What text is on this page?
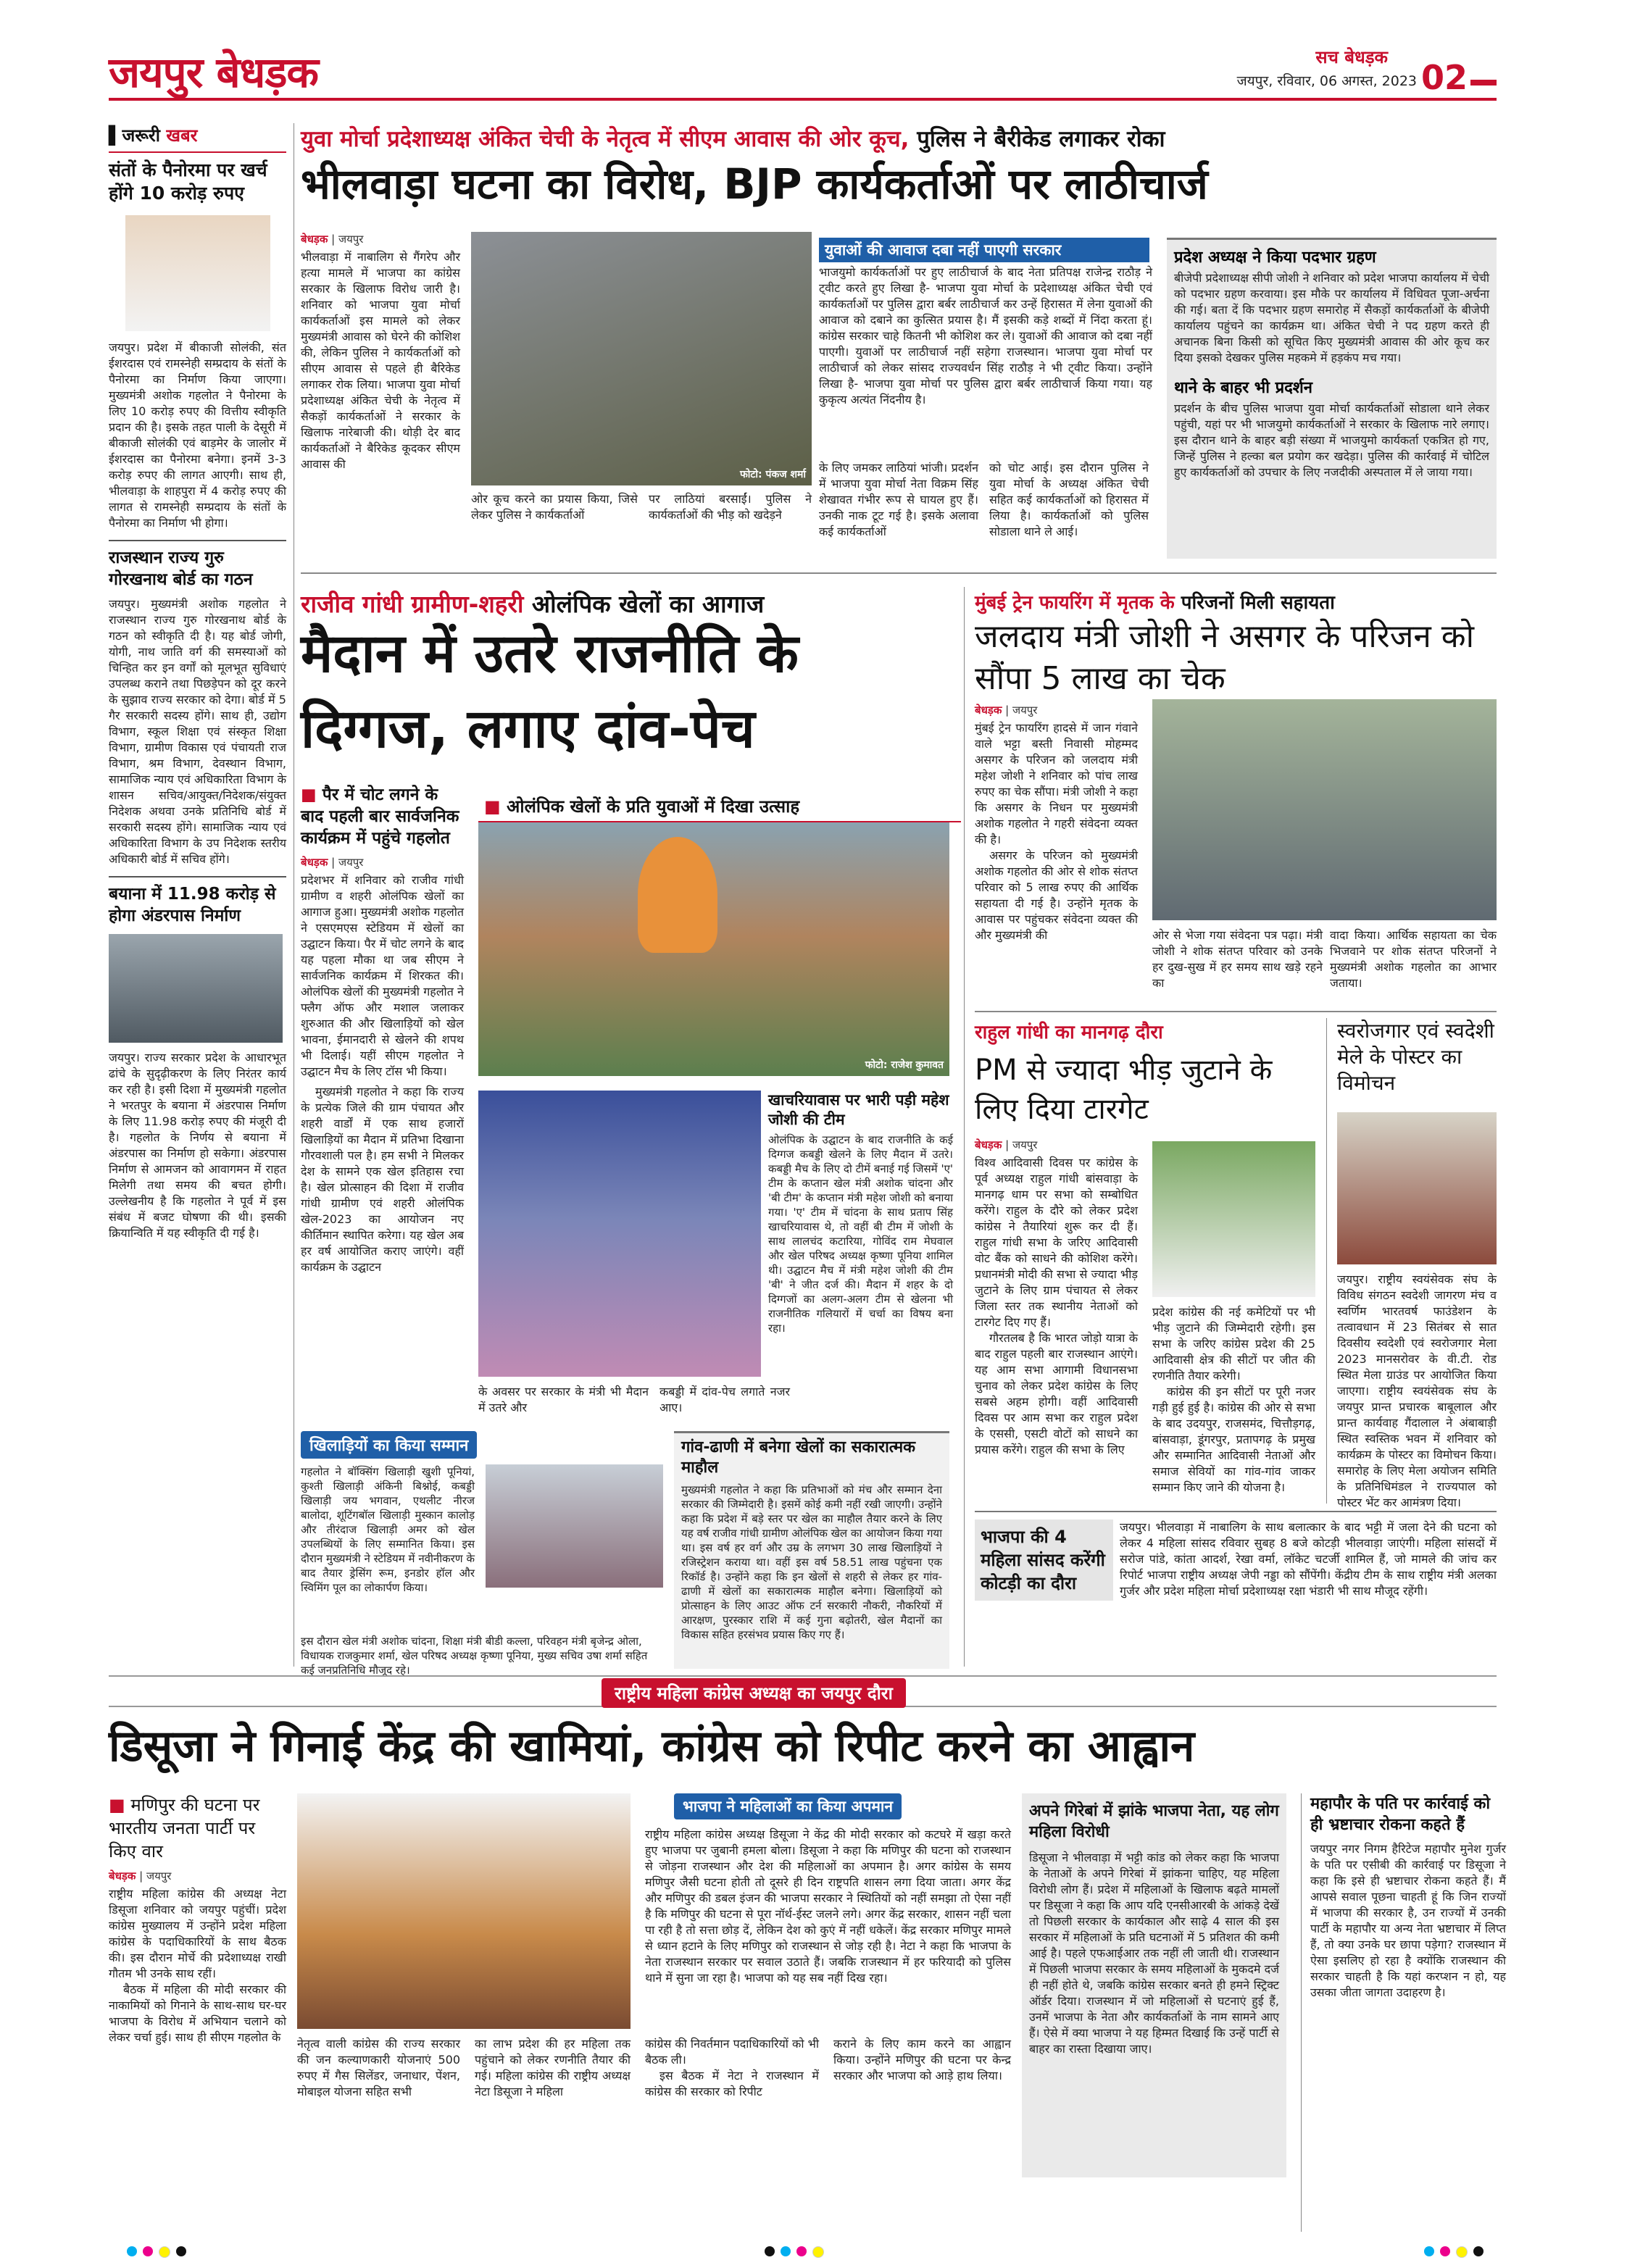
जयपुर बेधड़क	सच बेधड़क
जयपुर, रविवार, 06 अगस्त, 2023 02
▌जरूरी खबर
संतों के पैनोरमा पर खर्च होंगे 10 करोड़ रुपए
जयपुर। प्रदेश में बीकाजी सोलंकी, संत ईशरदास एवं रामस्नेही सम्प्रदाय के संतों के पैनोरमा का निर्माण किया जाएगा। मुख्यमंत्री अशोक गहलोत ने पैनोरमा के लिए 10 करोड़ रुपए की वित्तीय स्वीकृति प्रदान की है। इसके तहत पाली के देसूरी में बीकाजी सोलंकी एवं बाड़मेर के जालोर में ईशरदास का पैनोरमा बनेगा। इनमें 3-3 करोड़ रुपए की लागत आएगी। साथ ही, भीलवाड़ा के शाहपुरा में 4 करोड़ रुपए की लागत से रामस्नेही सम्प्रदाय के संतों के पैनोरमा का निर्माण भी होगा।
राजस्थान राज्य गुरु गोरखनाथ बोर्ड का गठन
जयपुर। मुख्यमंत्री अशोक गहलोत ने राजस्थान राज्य गुरु गोरखनाथ बोर्ड के गठन को स्वीकृति दी है। यह बोर्ड जोगी, योगी, नाथ जाति वर्ग की समस्याओं को चिन्हित कर इन वर्गों को मूलभूत सुविधाएं उपलब्ध कराने तथा पिछड़ेपन को दूर करने के सुझाव राज्य सरकार को देगा। बोर्ड में 5 गैर सरकारी सदस्य होंगे। साथ ही, उद्योग विभाग, स्कूल शिक्षा एवं संस्कृत शिक्षा विभाग, ग्रामीण विकास एवं पंचायती राज विभाग, श्रम विभाग, देवस्थान विभाग, सामाजिक न्याय एवं अधिकारिता विभाग के शासन सचिव/आयुक्त/निदेशक/संयुक्त निदेशक अथवा उनके प्रतिनिधि बोर्ड में सरकारी सदस्य होंगे। सामाजिक न्याय एवं अधिकारिता विभाग के उप निदेशक स्तरीय अधिकारी बोर्ड में सचिव होंगे।
बयाना में 11.98 करोड़ से होगा अंडरपास निर्माण
जयपुर। राज्य सरकार प्रदेश के आधारभूत ढांचे के सुदृढ़ीकरण के लिए निरंतर कार्य कर रही है। इसी दिशा में मुख्यमंत्री गहलोत ने भरतपुर के बयाना में अंडरपास निर्माण के लिए 11.98 करोड़ रुपए की मंजूरी दी है। गहलोत के निर्णय से बयाना में अंडरपास का निर्माण हो सकेगा। अंडरपास निर्माण से आमजन को आवागमन में राहत मिलेगी तथा समय की बचत होगी। उल्लेखनीय है कि गहलोत ने पूर्व में इस संबंध में बजट घोषणा की थी। इसकी क्रियान्विति में यह स्वीकृति दी गई है।
युवा मोर्चा प्रदेशाध्यक्ष अंकित चेची के नेतृत्व में सीएम आवास की ओर कूच, पुलिस ने बैरीकेड लगाकर रोका
भीलवाड़ा घटना का विरोध, BJP कार्यकर्ताओं पर लाठीचार्ज
बेधड़क | जयपुर
भीलवाड़ा में नाबालिग से गैंगरेप और हत्या मामले में भाजपा का कांग्रेस सरकार के खिलाफ विरोध जारी है। शनिवार को भाजपा युवा मोर्चा कार्यकर्ताओं इस मामले को लेकर मुख्यमंत्री आवास को घेरने की कोशिश की, लेकिन पुलिस ने कार्यकर्ताओं को सीएम आवास से पहले ही बैरिकेड लगाकर रोक लिया। भाजपा युवा मोर्चा प्रदेशाध्यक्ष अंकित चेची के नेतृत्व में सैकड़ों कार्यकर्ताओं ने सरकार के खिलाफ नारेबाजी की। थोड़ी देर बाद कार्यकर्ताओं ने बैरिकेड कूदकर सीएम आवास की
फोटो: पंकज शर्मा
ओर कूच करने का प्रयास किया, जिसे लेकर पुलिस ने कार्यकर्ताओं
पर लाठियां बरसाईं। पुलिस ने कार्यकर्ताओं की भीड़ को खदेड़ने
युवाओं की आवाज दबा नहीं पाएगी सरकार
भाजयुमो कार्यकर्ताओं पर हुए लाठीचार्ज के बाद नेता प्रतिपक्ष राजेन्द्र राठौड़ ने ट्वीट करते हुए लिखा है- भाजपा युवा मोर्चा के प्रदेशाध्यक्ष अंकित चेची एवं कार्यकर्ताओं पर पुलिस द्वारा बर्बर लाठीचार्ज कर उन्हें हिरासत में लेना युवाओं की आवाज को दबाने का कुत्सित प्रयास है। मैं इसकी कड़े शब्दों में निंदा करता हूं। कांग्रेस सरकार चाहे कितनी भी कोशिश कर ले। युवाओं की आवाज को दबा नहीं पाएगी। युवाओं पर लाठीचार्ज नहीं सहेगा राजस्थान। भाजपा युवा मोर्चा पर लाठीचार्ज को लेकर सांसद राज्यवर्धन सिंह राठौड़ ने भी ट्वीट किया। उन्होंने लिखा है- भाजपा युवा मोर्चा पर पुलिस द्वारा बर्बर लाठीचार्ज किया गया। यह कुकृत्य अत्यंत निंदनीय है।
के लिए जमकर लाठियां भांजी। प्रदर्शन में भाजपा युवा मोर्चा नेता विक्रम सिंह शेखावत गंभीर रूप से घायल हुए हैं। उनकी नाक टूट गई है। इसके अलावा कई कार्यकर्ताओं
को चोट आई। इस दौरान पुलिस ने युवा मोर्चा के अध्यक्ष अंकित चेची सहित कई कार्यकर्ताओं को हिरासत में लिया है। कार्यकर्ताओं को पुलिस सोडाला थाने ले आई।
प्रदेश अध्यक्ष ने किया पदभार ग्रहण
बीजेपी प्रदेशाध्यक्ष सीपी जोशी ने शनिवार को प्रदेश भाजपा कार्यालय में चेची को पदभार ग्रहण करवाया। इस मौके पर कार्यालय में विधिवत पूजा-अर्चना की गई। बता दें कि पदभार ग्रहण समारोह में सैकड़ों कार्यकर्ताओं के बीजेपी कार्यालय पहुंचने का कार्यक्रम था। अंकित चेची ने पद ग्रहण करते ही अचानक बिना किसी को सूचित किए मुख्यमंत्री आवास की ओर कूच कर दिया इसको देखकर पुलिस महकमे में हड़कंप मच गया।
थाने के बाहर भी प्रदर्शन
प्रदर्शन के बीच पुलिस भाजपा युवा मोर्चा कार्यकर्ताओं सोडाला थाने लेकर पहुंची, यहां पर भी भाजयुमो कार्यकर्ताओं ने सरकार के खिलाफ नारे लगाए। इस दौरान थाने के बाहर बड़ी संख्या में भाजयुमो कार्यकर्ता एकत्रित हो गए, जिन्हें पुलिस ने हल्का बल प्रयोग कर खदेड़ा। पुलिस की कार्रवाई में चोटिल हुए कार्यकर्ताओं को उपचार के लिए नजदीकी अस्पताल में ले जाया गया।
राजीव गांधी ग्रामीण-शहरी ओलंपिक खेलों का आगाज
मैदान में उतरे राजनीति के
दिग्गज, लगाए दांव-पेच
■ पैर में चोट लगने के बाद पहली बार सार्वजनिक कार्यक्रम में पहुंचे गहलोत
बेधड़क | जयपुर
प्रदेशभर में शनिवार को राजीव गांधी ग्रामीण व शहरी ओलंपिक खेलों का आगाज हुआ। मुख्यमंत्री अशोक गहलोत ने एसएमएस स्टेडियम में खेलों का उद्घाटन किया। पैर में चोट लगने के बाद यह पहला मौका था जब सीएम ने सार्वजनिक कार्यक्रम में शिरकत की। ओलंपिक खेलों की मुख्यमंत्री गहलोत ने फ्लैग ऑफ और मशाल जलाकर शुरुआत की और खिलाड़ियों को खेल भावना, ईमानदारी से खेलने की शपथ भी दिलाई। यहीं सीएम गहलोत ने उद्घाटन मैच के लिए टॉस भी किया।
मुख्यमंत्री गहलोत ने कहा कि राज्य के प्रत्येक जिले की ग्राम पंचायत और शहरी वार्डों में एक साथ हजारों खिलाड़ियों का मैदान में प्रतिभा दिखाना गौरवशाली पल है। हम सभी ने मिलकर देश के सामने एक खेल इतिहास रचा है। खेल प्रोत्साहन की दिशा में राजीव गांधी ग्रामीण एवं शहरी ओलंपिक खेल-2023 का आयोजन नए कीर्तिमान स्थापित करेगा। यह खेल अब हर वर्ष आयोजित कराए जाएंगे। वहीं कार्यक्रम के उद्घाटन
■ ओलंपिक खेलों के प्रति युवाओं में दिखा उत्साह
फोटो: राजेश कुमावत
खाचरियावास पर भारी पड़ी महेश जोशी की टीम
ओलंपिक के उद्घाटन के बाद राजनीति के कई दिग्गज कबड्डी खेलने के लिए मैदान में उतरे। कबड्डी मैच के लिए दो टीमें बनाई गई जिसमें 'ए' टीम के कप्तान खेल मंत्री अशोक चांदना और 'बी टीम' के कप्तान मंत्री महेश जोशी को बनाया गया। 'ए' टीम में चांदना के साथ प्रताप सिंह खाचरियावास थे, तो वहीं बी टीम में जोशी के साथ लालचंद कटारिया, गोविंद राम मेघवाल और खेल परिषद अध्यक्ष कृष्णा पूनिया शामिल थी। उद्घाटन मैच में मंत्री महेश जोशी की टीम 'बी' ने जीत दर्ज की। मैदान में शहर के दो दिग्गजों का अलग-अलग टीम से खेलना भी राजनीतिक गलियारों में चर्चा का विषय बना रहा।
के अवसर पर सरकार के मंत्री भी मैदान में उतरे और
कबड्डी में दांव-पेच लगाते नजर आए।
खिलाड़ियों का किया सम्मान
गहलोत ने बॉक्सिंग खिलाड़ी खुशी पूनियां, कुश्ती खिलाड़ी अंकिनी बिश्नोई, कबड्डी खिलाड़ी जय भगवान, एथलीट नीरज बालोदा, शूटिंगबॉल खिलाड़ी मुस्कान कालोड़ और तीरंदाज खिलाड़ी अमर को खेल उपलब्धियों के लिए सम्मानित किया। इस दौरान मुख्यमंत्री ने स्टेडियम में नवीनीकरण के बाद तैयार ड्रेसिंग रूम, इनडोर हॉल और स्विमिंग पूल का लोकार्पण किया।
इस दौरान खेल मंत्री अशोक चांदना, शिक्षा मंत्री बीडी कल्ला, परिवहन मंत्री बृजेन्द्र ओला, विधायक राजकुमार शर्मा, खेल परिषद अध्यक्ष कृष्णा पूनिया, मुख्य सचिव उषा शर्मा सहित कई जनप्रतिनिधि मौजूद रहे।
गांव-ढाणी में बनेगा खेलों का सकारात्मक माहौल
मुख्यमंत्री गहलोत ने कहा कि प्रतिभाओं को मंच और सम्मान देना सरकार की जिम्मेदारी है। इसमें कोई कमी नहीं रखी जाएगी। उन्होंने कहा कि प्रदेश में बड़े स्तर पर खेल का माहौल तैयार करने के लिए यह वर्ष राजीव गांधी ग्रामीण ओलंपिक खेल का आयोजन किया गया था। इस वर्ष हर वर्ग और उम्र के लगभग 30 लाख खिलाड़ियों ने रजिस्ट्रेशन कराया था। वहीं इस वर्ष 58.51 लाख पहुंचना एक रिकॉर्ड है। उन्होंने कहा कि इन खेलों से शहरी से लेकर हर गांव-ढाणी में खेलों का सकारात्मक माहौल बनेगा। खिलाड़ियों को प्रोत्साहन के लिए आउट ऑफ टर्न सरकारी नौकरी, नौकरियों में आरक्षण, पुरस्कार राशि में कई गुना बढ़ोतरी, खेल मैदानों का विकास सहित हरसंभव प्रयास किए गए हैं।
मुंबई ट्रेन फायरिंग में मृतक के परिजनों मिली सहायता
जलदाय मंत्री जोशी ने असगर के परिजन को सौंपा 5 लाख का चेक
बेधड़क | जयपुर
मुंबई ट्रेन फायरिंग हादसे में जान गंवाने वाले भट्टा बस्ती निवासी मोहम्मद असगर के परिजन को जलदाय मंत्री महेश जोशी ने शनिवार को पांच लाख रुपए का चेक सौंपा। मंत्री जोशी ने कहा कि असगर के निधन पर मुख्यमंत्री अशोक गहलोत ने गहरी संवेदना व्यक्त की है।
असगर के परिजन को मुख्यमंत्री अशोक गहलोत की ओर से शोक संतप्त परिवार को 5 लाख रुपए की आर्थिक सहायता दी गई है। उन्होंने मृतक के आवास पर पहुंचकर संवेदना व्यक्त की और मुख्यमंत्री की	ओर से भेजा गया संवेदना पत्र पढ़ा। मंत्री जोशी ने शोक संतप्त परिवार को उनके हर दुख-सुख में हर समय साथ खड़े रहने का
वादा किया। आर्थिक सहायता का चेक भिजवाने पर शोक संतप्त परिजनों ने मुख्यमंत्री अशोक गहलोत का आभार जताया।
राहुल गांधी का मानगढ़ दौरा
PM से ज्यादा भीड़ जुटाने के लिए दिया टारगेट
बेधड़क | जयपुर
विश्व आदिवासी दिवस पर कांग्रेस के पूर्व अध्यक्ष राहुल गांधी बांसवाड़ा के मानगढ़ धाम पर सभा को सम्बोधित करेंगे। राहुल के दौरे को लेकर प्रदेश कांग्रेस ने तैयारियां शुरू कर दी हैं। राहुल गांधी सभा के जरिए आदिवासी वोट बैंक को साधने की कोशिश करेंगे। प्रधानमंत्री मोदी की सभा से ज्यादा भीड़ जुटाने के लिए ग्राम पंचायत से लेकर जिला स्तर तक स्थानीय नेताओं को टारगेट दिए गए हैं।
गौरतलब है कि भारत जोड़ो यात्रा के बाद राहुल पहली बार राजस्थान आएंगे। यह आम सभा आगामी विधानसभा चुनाव को लेकर प्रदेश कांग्रेस के लिए सबसे अहम होगी। वहीं आदिवासी दिवस पर आम सभा कर राहुल प्रदेश के एससी, एसटी वोटों को साधने का प्रयास करेंगे। राहुल की सभा के लिए
प्रदेश कांग्रेस की नई कमेटियों पर भी भीड़ जुटाने की जिम्मेदारी रहेगी। इस सभा के जरिए कांग्रेस प्रदेश की 25 आदिवासी क्षेत्र की सीटों पर जीत की रणनीति तैयार करेगी।
कांग्रेस की इन सीटों पर पूरी नजर गड़ी हुई हुई है। कांग्रेस की ओर से सभा के बाद उदयपुर, राजसमंद, चित्तौड़गढ़, बांसवाड़ा, डूंगरपुर, प्रतापगढ़ के प्रमुख और सम्मानित आदिवासी नेताओं और समाज सेवियों का गांव-गांव जाकर सम्मान किए जाने की योजना है।
स्वरोजगार एवं स्वदेशी मेले के पोस्टर का विमोचन
जयपुर। राष्ट्रीय स्वयंसेवक संघ के विविध संगठन स्वदेशी जागरण मंच व स्वर्णिम भारतवर्ष फाउंडेशन के तत्वावधान में 23 सितंबर से सात दिवसीय स्वदेशी एवं स्वरोजगार मेला 2023 मानसरोवर के वी.टी. रोड स्थित मेला ग्राउंड पर आयोजित किया जाएगा। राष्ट्रीय स्वयंसेवक संघ के जयपुर प्रान्त प्रचारक बाबूलाल और प्रान्त कार्यवाह गैंदालाल ने अंबाबाड़ी स्थित स्वस्तिक भवन में शनिवार को कार्यक्रम के पोस्टर का विमोचन किया। समारोह के लिए मेला अयोजन समिति के प्रतिनिधिमंडल ने राज्यपाल को पोस्टर भेंट कर आमंत्रण दिया।
भाजपा की 4 महिला सांसद करेंगी कोटड़ी का दौरा
जयपुर। भीलवाड़ा में नाबालिग के साथ बलात्कार के बाद भट्टी में जला देने की घटना को लेकर 4 महिला सांसद रविवार सुबह 8 बजे कोटड़ी भीलवाड़ा जाएंगी। महिला सांसदों में सरोज पांडे, कांता आदर्श, रेखा वर्मा, लॉकेट चटर्जी शामिल हैं, जो मामले की जांच कर रिपोर्ट भाजपा राष्ट्रीय अध्यक्ष जेपी नड्डा को सौंपेंगी। केंद्रीय टीम के साथ राष्ट्रीय मंत्री अलका गुर्जर और प्रदेश महिला मोर्चा प्रदेशाध्यक्ष रक्षा भंडारी भी साथ मौजूद रहेंगी।
राष्ट्रीय महिला कांग्रेस अध्यक्ष का जयपुर दौरा
डिसूजा ने गिनाई केंद्र की खामियां, कांग्रेस को रिपीट करने का आह्वान
■ मणिपुर की घटना पर भारतीय जनता पार्टी पर किए वार
बेधड़क | जयपुर
राष्ट्रीय महिला कांग्रेस की अध्यक्ष नेटा डिसूजा शनिवार को जयपुर पहुंचीं। प्रदेश कांग्रेस मुख्यालय में उन्होंने प्रदेश महिला कांग्रेस के पदाधिकारियों के साथ बैठक की। इस दौरान मोर्चे की प्रदेशाध्यक्ष राखी गौतम भी उनके साथ रहीं।
बैठक में महिला की मोदी सरकार की नाकामियों को गिनाने के साथ-साथ घर-घर भाजपा के विरोध में अभियान चलाने को लेकर चर्चा हुई। साथ ही सीएम गहलोत के	नेतृत्व वाली कांग्रेस की राज्य सरकार की जन कल्याणकारी योजनाएं 500 रुपए में गैस सिलेंडर, जनाधार, पेंशन, मोबाइल योजना सहित सभी
का लाभ प्रदेश की हर महिला तक पहुंचाने को लेकर रणनीति तैयार की गई। महिला कांग्रेस की राष्ट्रीय अध्यक्ष नेटा डिसूजा ने महिला
भाजपा ने महिलाओं का किया अपमान
राष्ट्रीय महिला कांग्रेस अध्यक्ष डिसूजा ने केंद्र की मोदी सरकार को कटघरे में खड़ा करते हुए भाजपा पर जुबानी हमला बोला। डिसूजा ने कहा कि मणिपुर की घटना को राजस्थान से जोड़ना राजस्थान और देश की महिलाओं का अपमान है। अगर कांग्रेस के समय मणिपुर जैसी घटना होती तो दूसरे ही दिन राष्ट्रपति शासन लगा दिया जाता। अगर केंद्र और मणिपुर की डबल इंजन की भाजपा सरकार ने स्थितियों को नहीं समझा तो ऐसा नहीं है कि मणिपुर की घटना से पूरा नॉर्थ-ईस्ट जलने लगे। अगर केंद्र सरकार, शासन नहीं चला पा रही है तो सत्ता छोड़ दें, लेकिन देश को कुएं में नहीं धकेलें। केंद्र सरकार मणिपुर मामले से ध्यान हटाने के लिए मणिपुर को राजस्थान से जोड़ रही है। नेटा ने कहा कि भाजपा के नेता राजस्थान सरकार पर सवाल उठाते हैं। जबकि राजस्थान में हर फरियादी को पुलिस थाने में सुना जा रहा है। भाजपा को यह सब नहीं दिख रहा।
कांग्रेस की निवर्तमान पदाधिकारियों को भी बैठक ली।
इस बैठक में नेटा ने राजस्थान में कांग्रेस की सरकार को रिपीट
कराने के लिए काम करने का आह्वान किया। उन्होंने मणिपुर की घटना पर केन्द्र सरकार और भाजपा को आड़े हाथ लिया।
अपने गिरेबां में झांके भाजपा नेता, यह लोग महिला विरोधी
डिसूजा ने भीलवाड़ा में भट्टी कांड को लेकर कहा कि भाजपा के नेताओं के अपने गिरेबां में झांकना चाहिए, यह महिला विरोधी लोग हैं। प्रदेश में महिलाओं के खिलाफ बढ़ते मामलों पर डिसूजा ने कहा कि आप यदि एनसीआरबी के आंकड़े देखें तो पिछली सरकार के कार्यकाल और साढ़े 4 साल की इस सरकार में महिलाओं के प्रति घटनाओं में 5 प्रतिशत की कमी आई है। पहले एफआईआर तक नहीं ली जाती थी। राजस्थान में पिछली भाजपा सरकार के समय महिलाओं के मुकदमे दर्ज ही नहीं होते थे, जबकि कांग्रेस सरकार बनते ही हमने स्ट्रिक्ट ऑर्डर दिया। राजस्थान में जो महिलाओं से घटनाएं हुई हैं, उनमें भाजपा के नेता और कार्यकर्ताओं के नाम सामने आए हैं। ऐसे में क्या भाजपा ने यह हिम्मत दिखाई कि उन्हें पार्टी से बाहर का रास्ता दिखाया जाए।
महापौर के पति पर कार्रवाई को ही भ्रष्टाचार रोकना कहते हैं
जयपुर नगर निगम हैरिटेज महापौर मुनेश गुर्जर के पति पर एसीबी की कार्रवाई पर डिसूजा ने कहा कि इसे ही भ्रष्टाचार रोकना कहते हैं। मैं आपसे सवाल पूछना चाहती हूं कि जिन राज्यों में भाजपा की सरकार है, उन राज्यों में उनकी पार्टी के महापौर या अन्य नेता भ्रष्टाचार में लिप्त हैं, तो क्या उनके घर छापा पड़ेगा? राजस्थान में ऐसा इसलिए हो रहा है क्योंकि राजस्थान की सरकार चाहती है कि यहां करप्शन न हो, यह उसका जीता जागता उदाहरण है।
